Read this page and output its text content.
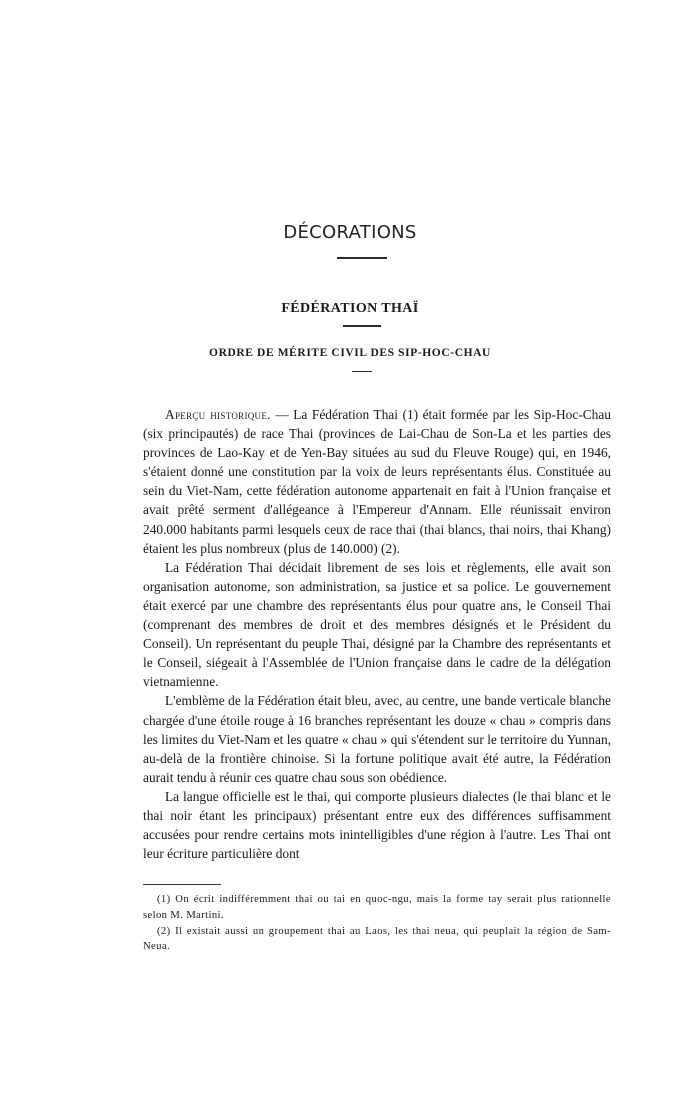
DÉCORATIONS
FÉDÉRATION THAÏ
ORDRE DE MÉRITE CIVIL DES SIP-HOC-CHAU

Aperçu historique. — La Fédération Thai (1) était formée par les Sip-Hoc-Chau (six principautés) de race Thai (provinces de Lai-Chau de Son-La et les parties des provinces de Lao-Kay et de Yen-Bay situées au sud du Fleuve Rouge) qui, en 1946, s'étaient donné une constitution par la voix de leurs représentants élus. Constituée au sein du Viet-Nam, cette fédération autonome appartenait en fait à l'Union française et avait prêté serment d'allégeance à l'Empereur d'Annam. Elle réunissait environ 240.000 habitants parmi lesquels ceux de race thai (thai blancs, thai noirs, thai Khang) étaient les plus nombreux (plus de 140.000) (2).

La Fédération Thai décidait librement de ses lois et règlements, elle avait son organisation autonome, son administration, sa justice et sa police. Le gouvernement était exercé par une chambre des représentants élus pour quatre ans, le Conseil Thai (comprenant des membres de droit et des membres désignés et le Président du Conseil). Un représentant du peuple Thai, désigné par la Chambre des représentants et le Conseil, siégeait à l'Assemblée de l'Union française dans le cadre de la délégation vietnamienne.

L'emblème de la Fédération était bleu, avec, au centre, une bande verticale blanche chargée d'une étoile rouge à 16 branches représentant les douze « chau » compris dans les limites du Viet-Nam et les quatre « chau » qui s'étendent sur le territoire du Yunnan, au-delà de la frontière chinoise. Si la fortune politique avait été autre, la Fédération aurait tendu à réunir ces quatre chau sous son obédience.

La langue officielle est le thai, qui comporte plusieurs dialectes (le thai blanc et le thai noir étant les principaux) présentant entre eux des différences suffisamment accusées pour rendre certains mots inintelligibles d'une région à l'autre. Les Thai ont leur écriture particulière dont

(1) On écrit indifféremment thai ou tai en quoc-ngu, mais la forme tay serait plus rationnelle selon M. Martini.

(2) Il existait aussi un groupement thai au Laos, les thai neua, qui peuplait la région de Sam-Neua.
